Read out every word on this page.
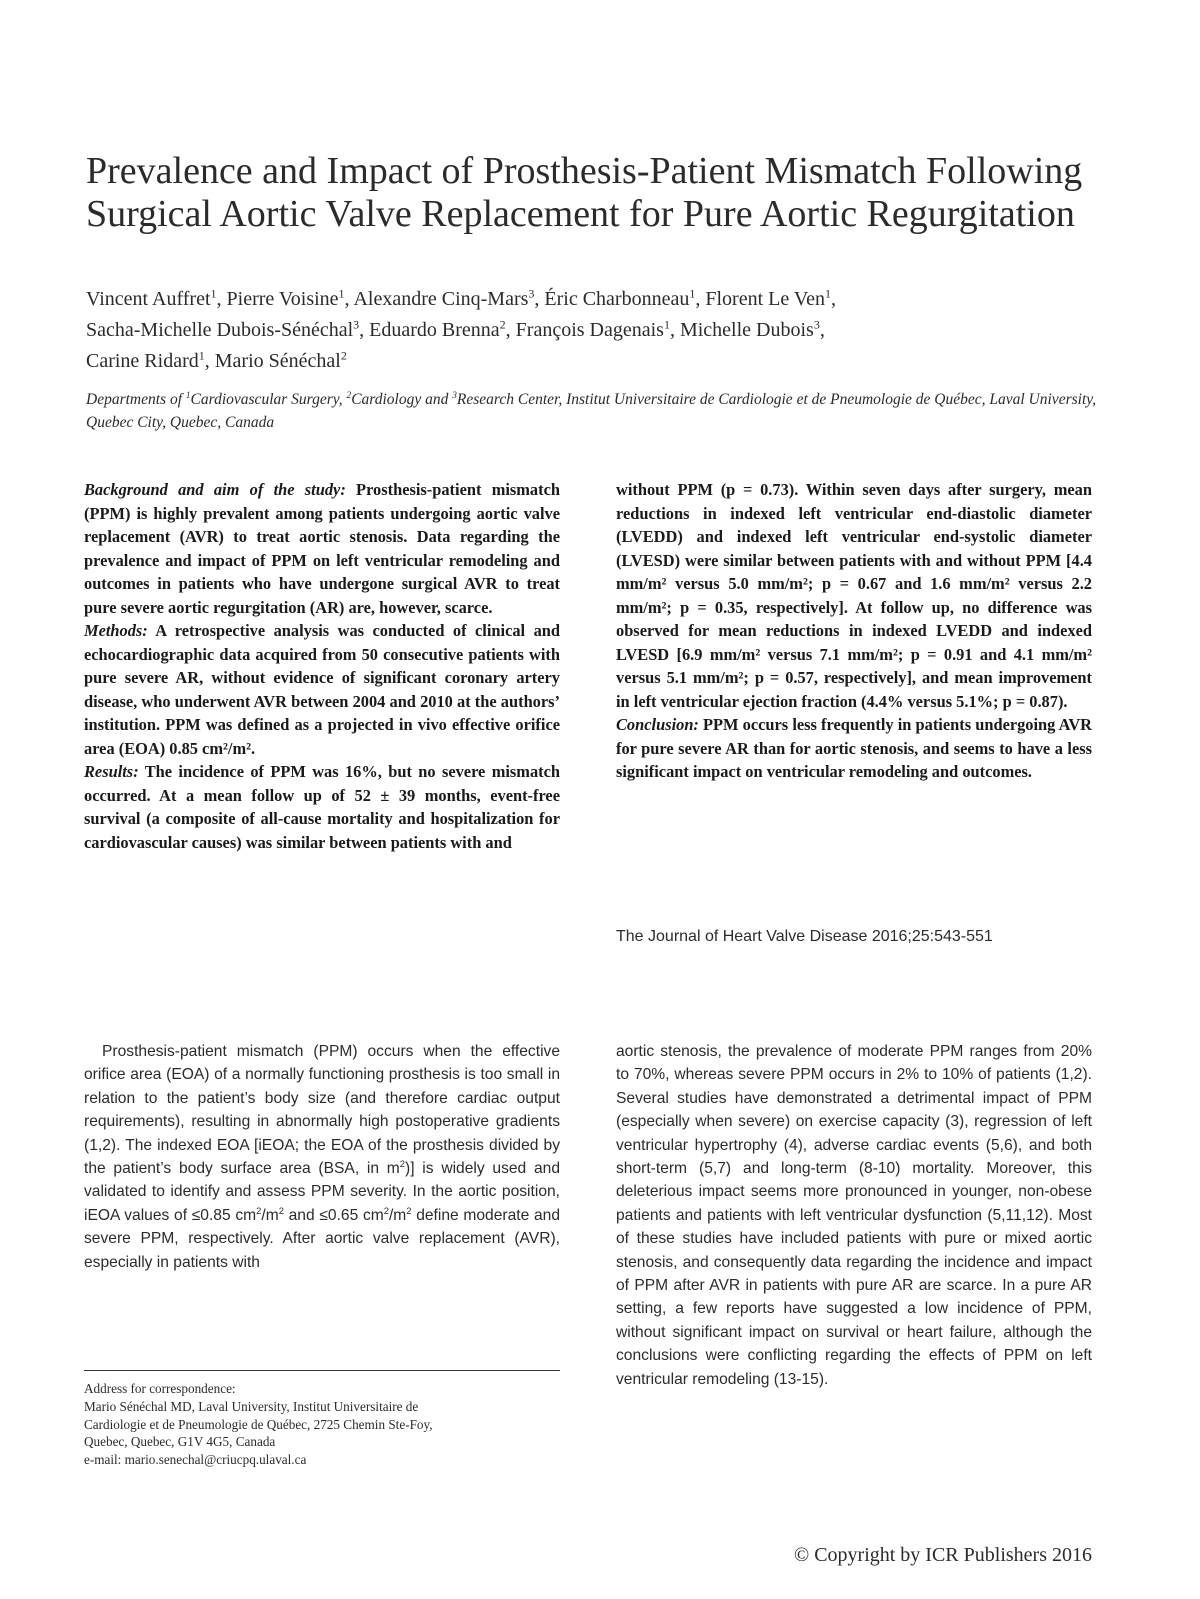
Prevalence and Impact of Prosthesis-Patient Mismatch Following Surgical Aortic Valve Replacement for Pure Aortic Regurgitation
Vincent Auffret$^1$, Pierre Voisine$^1$, Alexandre Cinq-Mars$^3$, Éric Charbonneau$^1$, Florent Le Ven$^1$,
Sacha-Michelle Dubois-Sénéchal$^3$, Eduardo Brenna$^2$, François Dagenais$^1$, Michelle Dubois$^3$,
Carine Ridard$^1$, Mario Sénéchal$^2$
Departments of $^1$Cardiovascular Surgery, $^2$Cardiology and $^3$Research Center, Institut Universitaire de Cardiologie et de Pneumologie de Québec, Laval University, Quebec City, Quebec, Canada

Background and aim of the study: Prosthesis-patient mismatch (PPM) is highly prevalent among patients undergoing aortic valve replacement (AVR) to treat aortic stenosis. Data regarding the prevalence and impact of PPM on left ventricular remodeling and outcomes in patients who have undergone surgical AVR to treat pure severe aortic regurgitation (AR) are, however, scarce.

Methods: A retrospective analysis was conducted of clinical and echocardiographic data acquired from 50 consecutive patients with pure severe AR, without evidence of significant coronary artery disease, who underwent AVR between 2004 and 2010 at the authors’ institution. PPM was defined as a projected in vivo effective orifice area (EOA) 0.85 cm²/m².

Results: The incidence of PPM was 16%, but no severe mismatch occurred. At a mean follow up of 52 ± 39 months, event-free survival (a composite of all-cause mortality and hospitalization for cardiovascular causes) was similar between patients with and

without PPM (p = 0.73). Within seven days after surgery, mean reductions in indexed left ventricular end-diastolic diameter (LVEDD) and indexed left ventricular end-systolic diameter (LVESD) were similar between patients with and without PPM [4.4 mm/m² versus 5.0 mm/m²; p = 0.67 and 1.6 mm/m² versus 2.2 mm/m²; p = 0.35, respectively]. At follow up, no difference was observed for mean reductions in indexed LVEDD and indexed LVESD [6.9 mm/m² versus 7.1 mm/m²; p = 0.91 and 4.1 mm/m² versus 5.1 mm/m²; p = 0.57, respectively], and mean improvement in left ventricular ejection fraction (4.4% versus 5.1%; p = 0.87).

Conclusion: PPM occurs less frequently in patients undergoing AVR for pure severe AR than for aortic stenosis, and seems to have a less significant impact on ventricular remodeling and outcomes.

The Journal of Heart Valve Disease 2016;25:543-551

Prosthesis-patient mismatch (PPM) occurs when the effective orifice area (EOA) of a normally functioning prosthesis is too small in relation to the patient’s body size (and therefore cardiac output requirements), resulting in abnormally high postoperative gradients (1,2). The indexed EOA [iEOA; the EOA of the prosthesis divided by the patient’s body surface area (BSA, in $m^2$)] is widely used and validated to identify and assess PPM severity. In the aortic position, iEOA values of ≤0.85 $cm^2/m^2$ and ≤0.65 $cm^2/m^2$ define moderate and severe PPM, respectively. After aortic valve replacement (AVR), especially in patients with

aortic stenosis, the prevalence of moderate PPM ranges from 20% to 70%, whereas severe PPM occurs in 2% to 10% of patients (1,2). Several studies have demonstrated a detrimental impact of PPM (especially when severe) on exercise capacity (3), regression of left ventricular hypertrophy (4), adverse cardiac events (5,6), and both short-term (5,7) and long-term (8-10) mortality. Moreover, this deleterious impact seems more pronounced in younger, non-obese patients and patients with left ventricular dysfunction (5,11,12). Most of these studies have included patients with pure or mixed aortic stenosis, and consequently data regarding the incidence and impact of PPM after AVR in patients with pure AR are scarce. In a pure AR setting, a few reports have suggested a low incidence of PPM, without significant impact on survival or heart failure, although the conclusions were conflicting regarding the effects of PPM on left ventricular remodeling (13-15).

Address for correspondence:
Mario Sénéchal MD, Laval University, Institut Universitaire de
Cardiologie et de Pneumologie de Québec, 2725 Chemin Ste-Foy,
Quebec, Quebec, G1V 4G5, Canada
e-mail: mario.senechal@criucpq.ulaval.ca
© Copyright by ICR Publishers 2016
